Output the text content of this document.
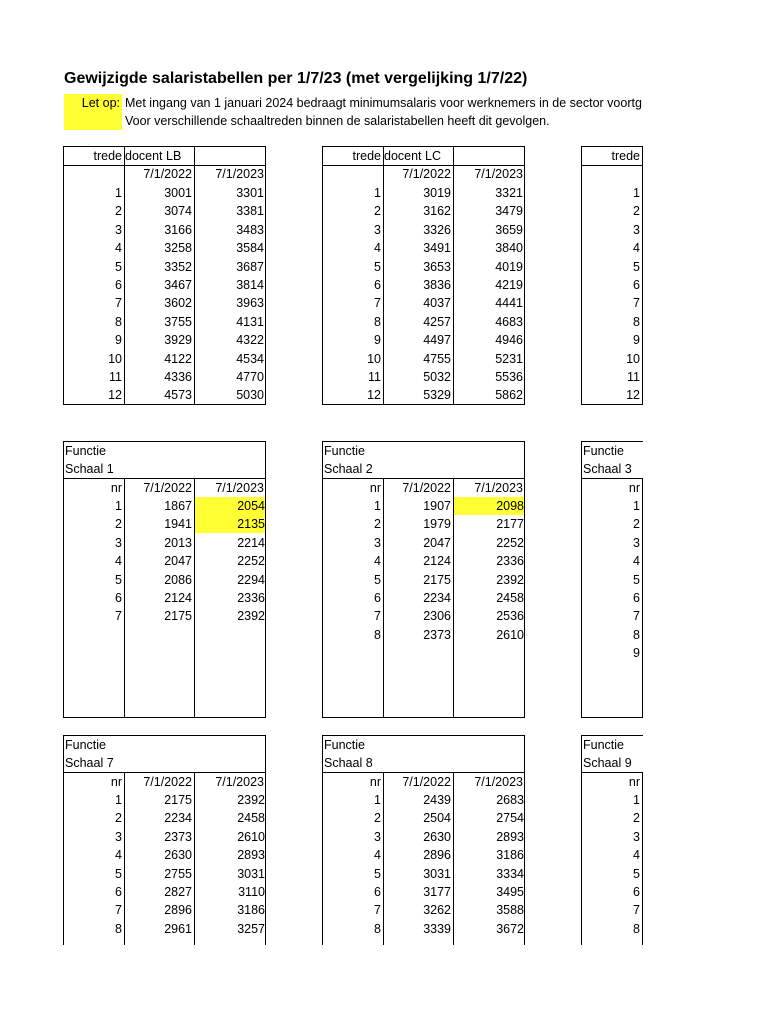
Gewijzigde salaristabellen per 1/7/23 (met vergelijking 1/7/22)
Let op: Met ingang van 1 januari 2024 bedraagt minimumsalaris voor werknemers in de sector voortg
Voor verschillende schaaltreden binnen de salaristabellen heeft dit gevolgen.
trede docent LB
7/1/2022	7/1/2023
1	3001	3301
2	3074	3381
3	3166	3483
4	3258	3584
5	3352	3687
6	3467	3814
7	3602	3963
8	3755	4131
9	3929	4322
10	4122	4534
11	4336	4770
12	4573	5030
trede docent LC
7/1/2022	7/1/2023
1	3019	3321
2	3162	3479
3	3326	3659
4	3491	3840
5	3653	4019
6	3836	4219
7	4037	4441
8	4257	4683
9	4497	4946
10	4755	5231
11	5032	5536
12	5329	5862
trede
1
2
3
4
5
6
7
8
9
10
11
12
Functie
Schaal 1
nr	7/1/2022	7/1/2023
1	1867	2054
2	1941	2135
3	2013	2214
4	2047	2252
5	2086	2294
6	2124	2336
7	2175	2392
Functie
Schaal 2
nr	7/1/2022	7/1/2023
1	1907	2098
2	1979	2177
3	2047	2252
4	2124	2336
5	2175	2392
6	2234	2458
7	2306	2536
8	2373	2610
Functie
Schaal 3
nr
1
2
3
4
5
6
7
8
9
Functie
Schaal 7
nr	7/1/2022	7/1/2023
1	2175	2392
2	2234	2458
3	2373	2610
4	2630	2893
5	2755	3031
6	2827	3110
7	2896	3186
8	2961	3257
Functie
Schaal 8
nr	7/1/2022	7/1/2023
1	2439	2683
2	2504	2754
3	2630	2893
4	2896	3186
5	3031	3334
6	3177	3495
7	3262	3588
8	3339	3672
Functie
Schaal 9
nr
1
2
3
4
5
6
7
8
